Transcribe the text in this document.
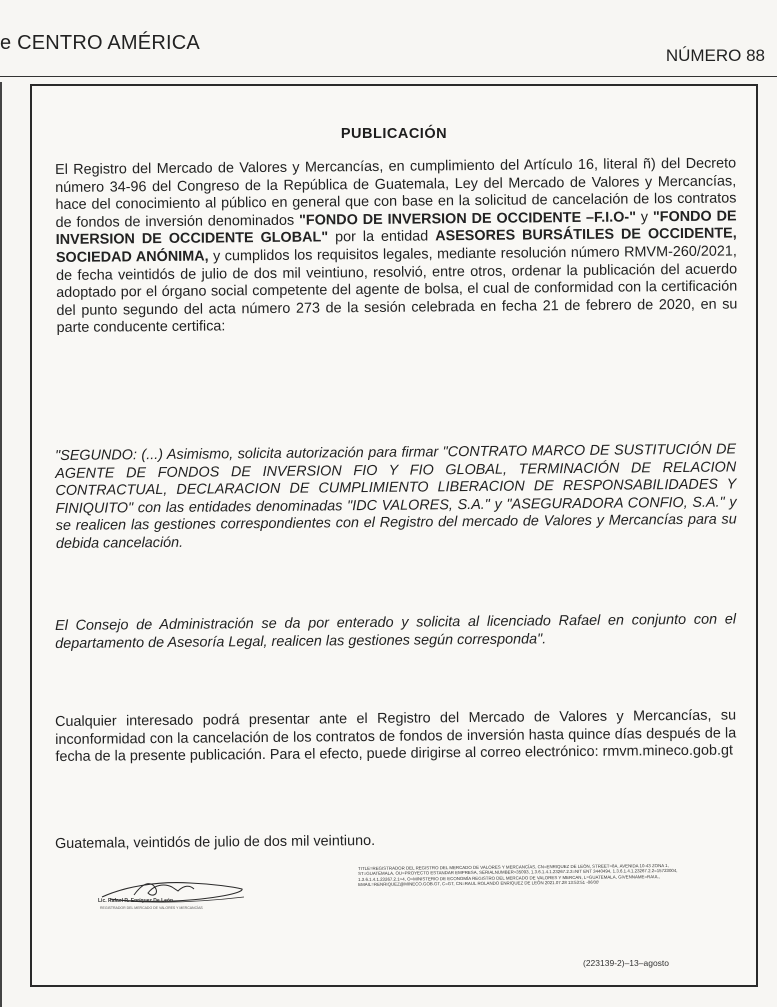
e CENTRO AMÉRICA
NÚMERO 88
PUBLICACIÓN
El Registro del Mercado de Valores y Mercancías, en cumplimiento del Artículo 16, literal ñ) del Decreto número 34-96 del Congreso de la República de Guatemala, Ley del Mercado de Valores y Mercancías, hace del conocimiento al público en general que con base en la solicitud de cancelación de los contratos de fondos de inversión denominados "FONDO DE INVERSION DE OCCIDENTE –F.I.O-" y "FONDO DE INVERSION DE OCCIDENTE GLOBAL" por la entidad ASESORES BURSÁTILES DE OCCIDENTE, SOCIEDAD ANÓNIMA, y cumplidos los requisitos legales, mediante resolución número RMVM-260/2021, de fecha veintidós de julio de dos mil veintiuno, resolvió, entre otros, ordenar la publicación del acuerdo adoptado por el órgano social competente del agente de bolsa, el cual de conformidad con la certificación del punto segundo del acta número 273 de la sesión celebrada en fecha 21 de febrero de 2020, en su parte conducente certifica:
"SEGUNDO: (...) Asimismo, solicita autorización para firmar "CONTRATO MARCO DE SUSTITUCIÓN DE AGENTE DE FONDOS DE INVERSION FIO Y FIO GLOBAL, TERMINACIÓN DE RELACION CONTRACTUAL, DECLARACION DE CUMPLIMIENTO LIBERACION DE RESPONSABILIDADES Y FINIQUITO" con las entidades denominadas "IDC VALORES, S.A." y "ASEGURADORA CONFIO, S.A." y se realicen las gestiones correspondientes con el Registro del mercado de Valores y Mercancías para su debida cancelación.
El Consejo de Administración se da por enterado y solicita al licenciado Rafael en conjunto con el departamento de Asesoría Legal, realicen las gestiones según corresponda".
Cualquier interesado podrá presentar ante el Registro del Mercado de Valores y Mercancías, su inconformidad con la cancelación de los contratos de fondos de inversión hasta quince días después de la fecha de la presente publicación. Para el efecto, puede dirigirse al correo electrónico: rmvm.mineco.gob.gt
Guatemala, veintidós de julio de dos mil veintiuno.
Lic. Rafael R. Enríquez De León
REGISTRADOR DEL MERCADO DE VALORES Y MERCANCÍAS
TITLE=REGISTRADOR DEL REGISTRO DEL MERCADO DE VALORES Y MERCANCÍAS, CN=ENRIQUEZ DE LEÓN, STREET=8A. AVENIDA 10-43 ZONA 1, ST=GUATEMALA, OU=PROYECTO ESTANDAR EMPRESA, SERIALNUMBER=35093, 1.3.6.1.4.1.23267.2.3=NIT ENT 3440494, 1.3.6.1.4.1.23267.2.2=15723004, 1.3.6.1.4.1.23267.2.1=4, O=MINISTERIO DE ECONOMÍA REGISTRO DEL MERCADO DE VALORES Y MERCAN, L=GUATEMALA, GIVENNAME=RAUL, EMAIL=RENRIQUEZ@MINECO.GOB.GT, C=GT, CN=RAUL ROLANDO ENRIQUEZ DE LEÓN 2021.07.28 13:53:51 -06'00'
(223139-2)–13–agosto
